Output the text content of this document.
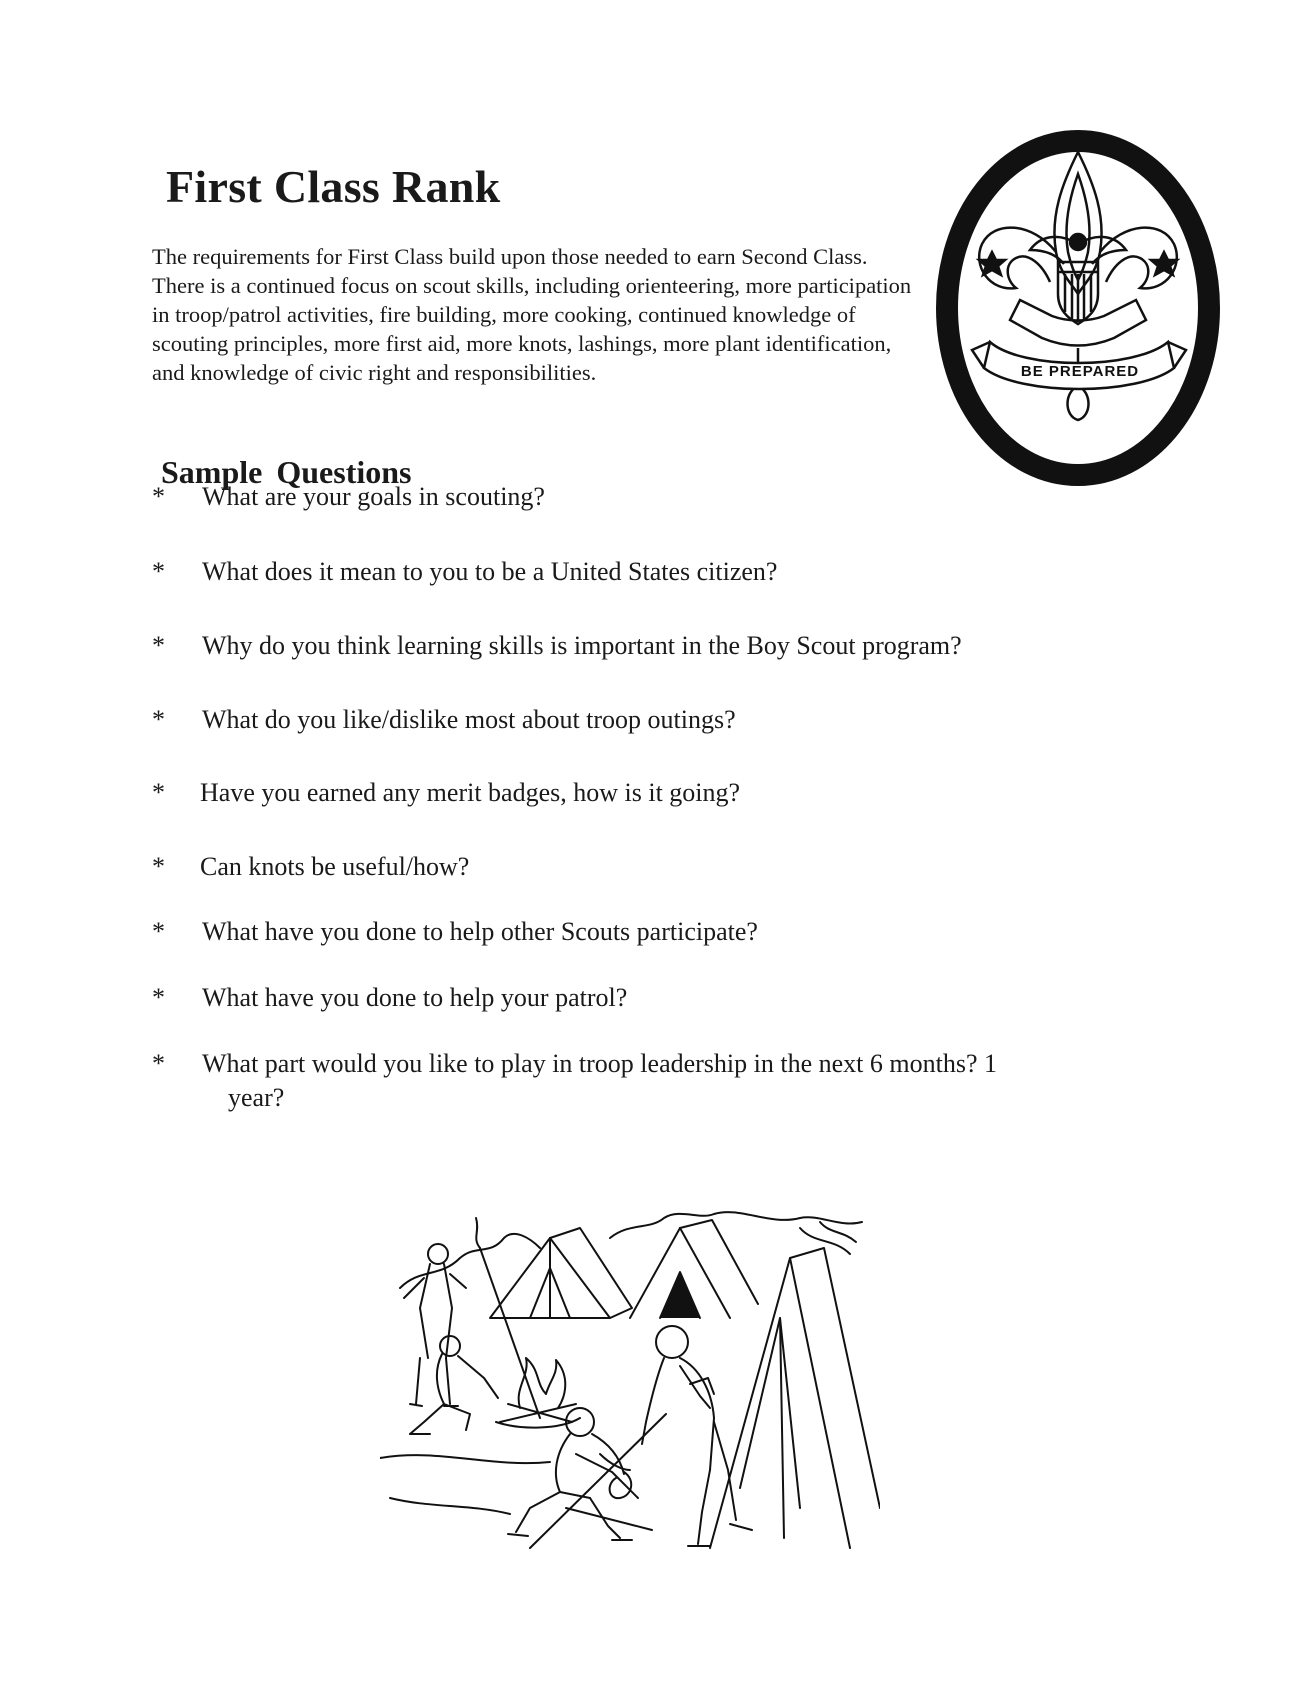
First Class Rank

The requirements for First Class build upon those needed to earn Second Class. There is a continued focus on scout skills, including orienteering, more participation in troop/patrol activities, fire building, more cooking, continued knowledge of scouting principles, more first aid, more knots, lashings, more plant identification, and knowledge of civic right and responsibilities.	BE PREPARED
Sample Questions
* What are your goals in scouting?
* What does it mean to you to be a United States citizen?
* Why do you think learning skills is important in the Boy Scout program?
* What do you like/dislike most about troop outings?
* Have you earned any merit badges, how is it going?
* Can knots be useful/how?
* What have you done to help other Scouts participate?
* What have you done to help your patrol?
* What part would you like to play in troop leadership in the next 6 months? 1
year?
